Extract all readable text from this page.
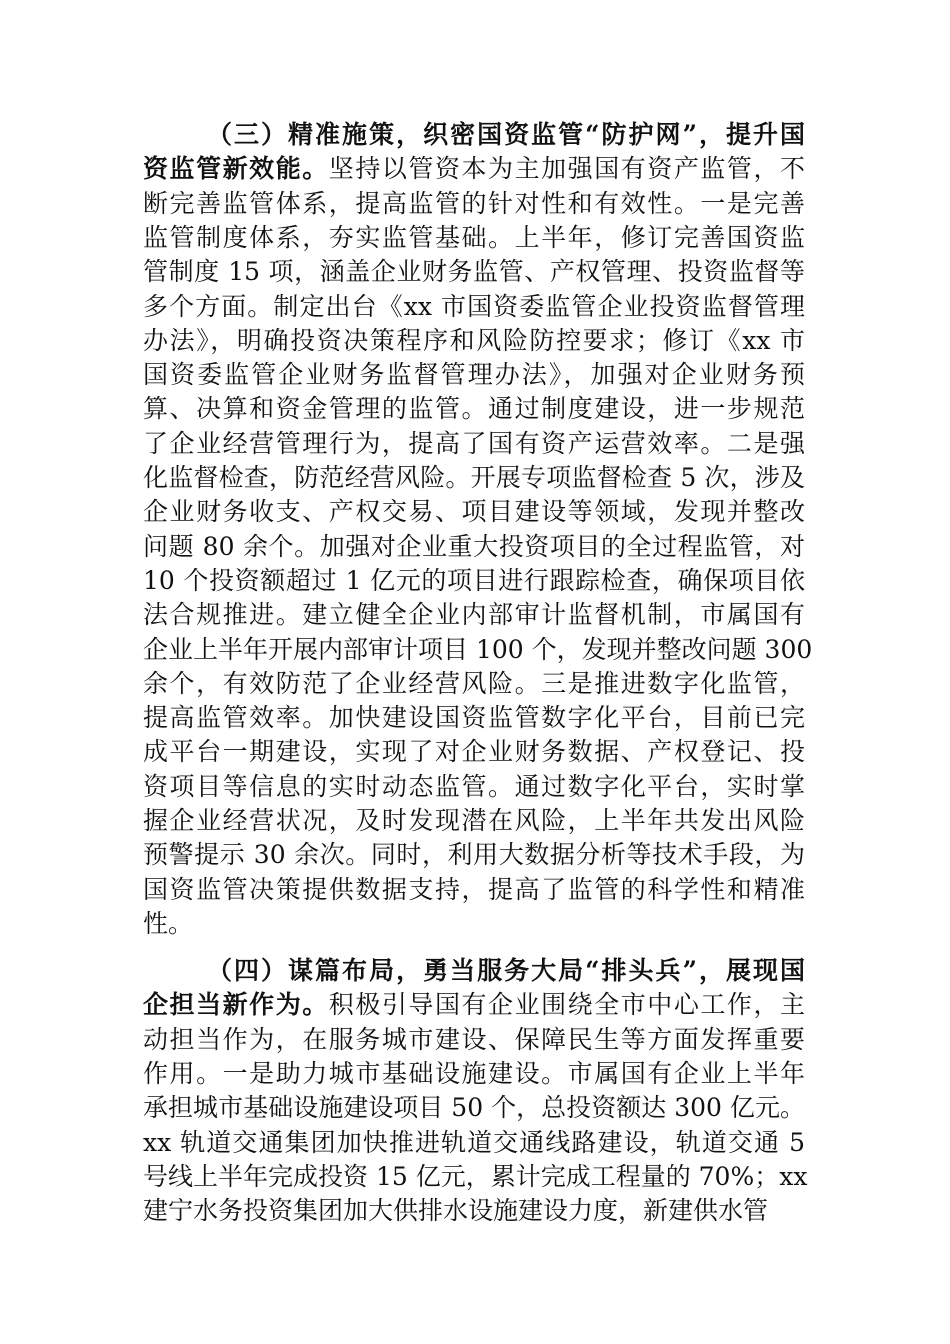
（三）精准施策，织密国资监管“防护网”，提升国
资监管新效能。坚持以管资本为主加强国有资产监管，不
断完善监管体系，提高监管的针对性和有效性。一是完善
监管制度体系，夯实监管基础。上半年，修订完善国资监
管制度 15 项，涵盖企业财务监管、产权管理、投资监督等
多个方面。制定出台《xx 市国资委监管企业投资监督管理
办法》，明确投资决策程序和风险防控要求；修订《xx 市
国资委监管企业财务监督管理办法》，加强对企业财务预
算、决算和资金管理的监管。通过制度建设，进一步规范
了企业经营管理行为，提高了国有资产运营效率。二是强
化监督检查，防范经营风险。开展专项监督检查 5 次，涉及
企业财务收支、产权交易、项目建设等领域，发现并整改
问题 80 余个。加强对企业重大投资项目的全过程监管，对
10 个投资额超过 1 亿元的项目进行跟踪检查，确保项目依
法合规推进。建立健全企业内部审计监督机制，市属国有
企业上半年开展内部审计项目 100 个，发现并整改问题 300
余个，有效防范了企业经营风险。三是推进数字化监管，
提高监管效率。加快建设国资监管数字化平台，目前已完
成平台一期建设，实现了对企业财务数据、产权登记、投
资项目等信息的实时动态监管。通过数字化平台，实时掌
握企业经营状况，及时发现潜在风险，上半年共发出风险
预警提示 30 余次。同时，利用大数据分析等技术手段，为
国资监管决策提供数据支持，提高了监管的科学性和精准
性。
（四）谋篇布局，勇当服务大局“排头兵”，展现国
企担当新作为。积极引导国有企业围绕全市中心工作，主
动担当作为，在服务城市建设、保障民生等方面发挥重要
作用。一是助力城市基础设施建设。市属国有企业上半年
承担城市基础设施建设项目 50 个，总投资额达 300 亿元。
xx 轨道交通集团加快推进轨道交通线路建设，轨道交通 5
号线上半年完成投资 15 亿元，累计完成工程量的 70%；xx
建宁水务投资集团加大供排水设施建设力度，新建供水管
